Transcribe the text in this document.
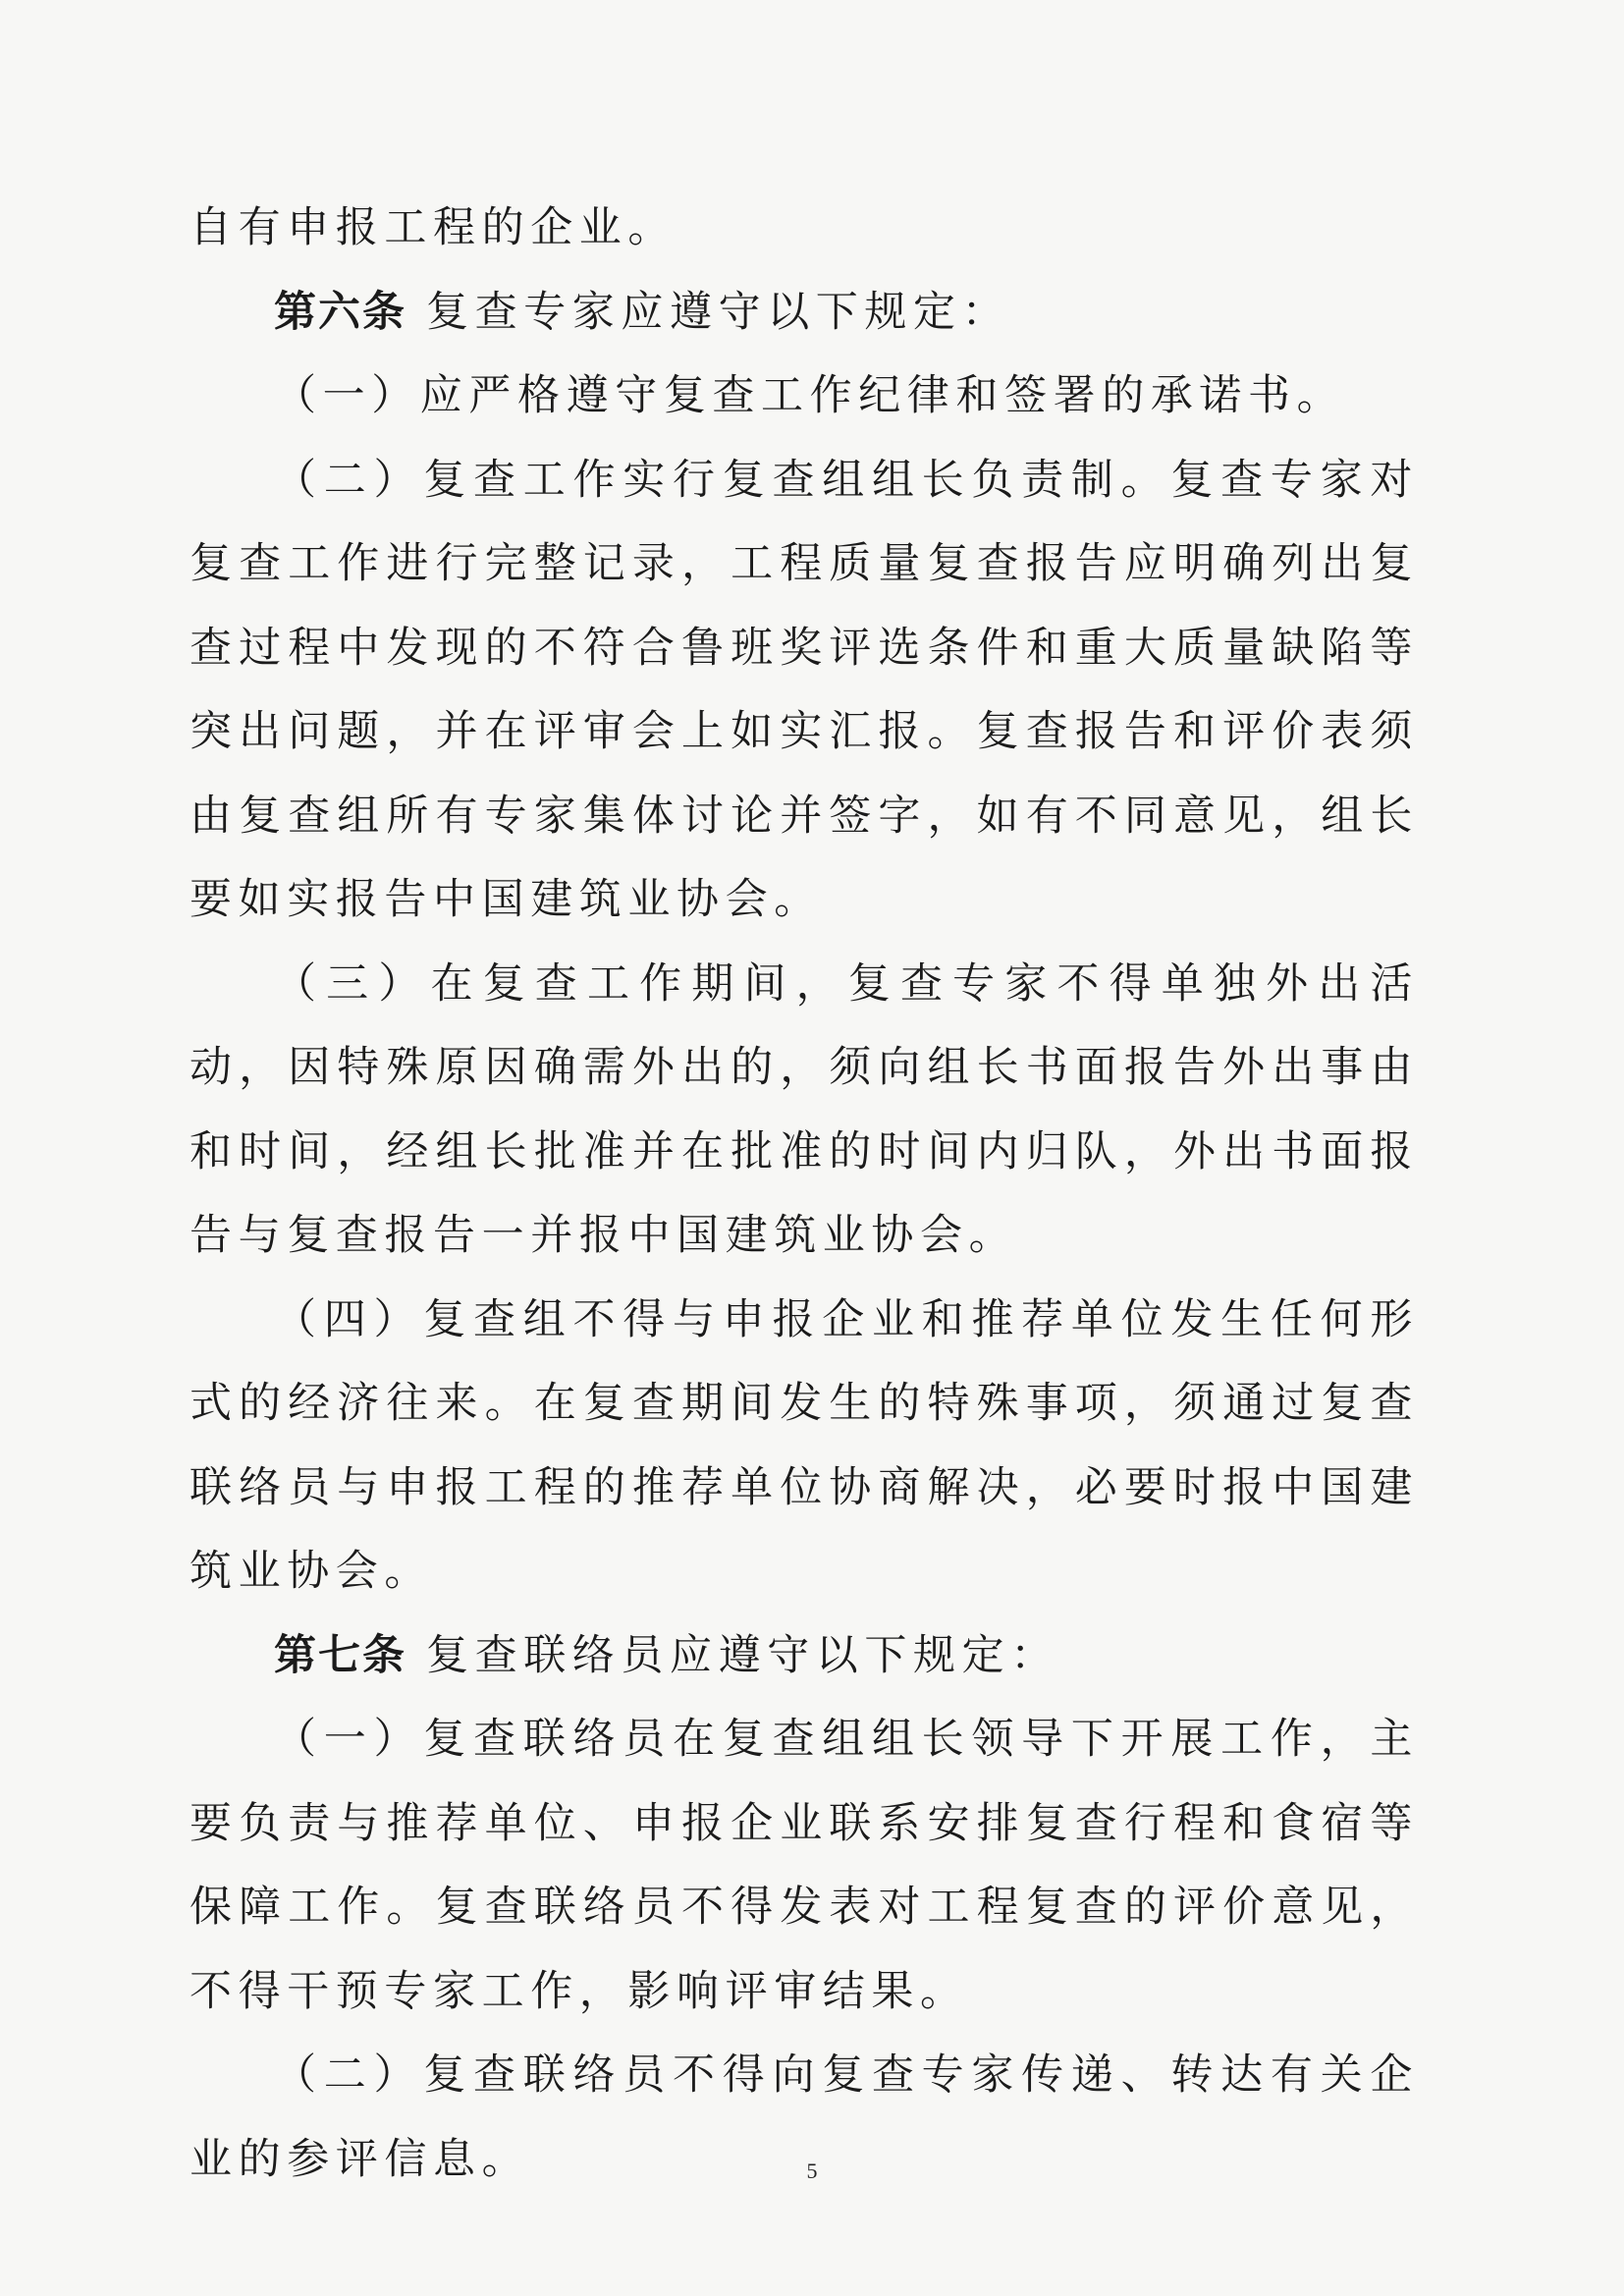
自有申报工程的企业。

第六条 复查专家应遵守以下规定：

（一）应严格遵守复查工作纪律和签署的承诺书。

（二）复查工作实行复查组组长负责制。复查专家对复查工作进行完整记录，工程质量复查报告应明确列出复查过程中发现的不符合鲁班奖评选条件和重大质量缺陷等突出问题，并在评审会上如实汇报。复查报告和评价表须由复查组所有专家集体讨论并签字，如有不同意见，组长要如实报告中国建筑业协会。

（三）在复查工作期间，复查专家不得单独外出活动，因特殊原因确需外出的，须向组长书面报告外出事由和时间，经组长批准并在批准的时间内归队，外出书面报告与复查报告一并报中国建筑业协会。

（四）复查组不得与申报企业和推荐单位发生任何形式的经济往来。在复查期间发生的特殊事项，须通过复查联络员与申报工程的推荐单位协商解决，必要时报中国建筑业协会。

第七条 复查联络员应遵守以下规定：

（一）复查联络员在复查组组长领导下开展工作，主要负责与推荐单位、申报企业联系安排复查行程和食宿等保障工作。复查联络员不得发表对工程复查的评价意见，不得干预专家工作，影响评审结果。

（二）复查联络员不得向复查专家传递、转达有关企业的参评信息。	5
